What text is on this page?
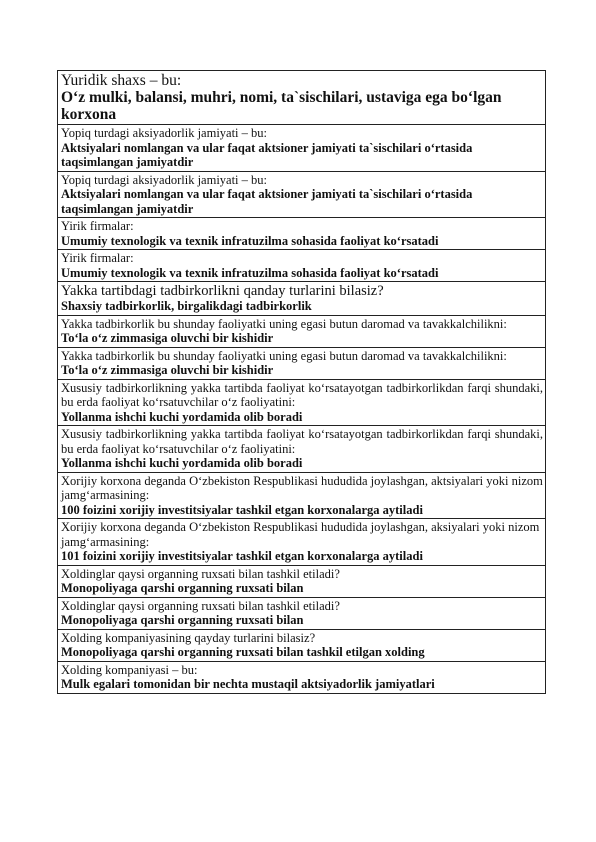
Yuridik shaxs – bu:
O‘z mulki, balansi, muhri, nomi, ta`sischilari, ustaviga ega bo‘lgan korxona

Yopiq turdagi aksiyadorlik jamiyati – bu:
Aktsiyalari nomlangan va ular faqat aktsioner jamiyati ta`sischilari o‘rtasida taqsimlangan jamiyatdir

Yopiq turdagi aksiyadorlik jamiyati – bu:
Aktsiyalari nomlangan va ular faqat aktsioner jamiyati ta`sischilari o‘rtasida taqsimlangan jamiyatdir

Yirik firmalar:
Umumiy texnologik va texnik infratuzilma sohasida faoliyat ko‘rsatadi

Yirik firmalar:
Umumiy texnologik va texnik infratuzilma sohasida faoliyat ko‘rsatadi

Yakka tartibdagi tadbirkorlikni qanday turlarini bilasiz?
Shaxsiy tadbirkorlik, birgalikdagi tadbirkorlik

Yakka tadbirkorlik bu shunday faoliyatki uning egasi butun daromad va tavakkalchilikni:
To‘la o‘z zimmasiga oluvchi bir kishidir

Yakka tadbirkorlik bu shunday faoliyatki uning egasi butun daromad va tavakkalchilikni:
To‘la o‘z zimmasiga oluvchi bir kishidir

Xususiy tadbirkorlikning yakka tartibda faoliyat ko‘rsatayotgan tadbirkorlikdan farqi shundaki, bu erda faoliyat ko‘rsatuvchilar o‘z faoliyatini:
Yollanma ishchi kuchi yordamida olib boradi

Xususiy tadbirkorlikning yakka tartibda faoliyat ko‘rsatayotgan tadbirkorlikdan farqi shundaki, bu erda faoliyat ko‘rsatuvchilar o‘z faoliyatini:
Yollanma ishchi kuchi yordamida olib boradi

Xorijiy korxona deganda O‘zbekiston Respublikasi hududida joylashgan, aktsiyalari yoki nizom jamg‘armasining:
100 foizini xorijiy investitsiyalar tashkil etgan korxonalarga aytiladi

Xorijiy korxona deganda O‘zbekiston Respublikasi hududida joylashgan, aksiyalari yoki nizom jamg‘armasining:
101 foizini xorijiy investitsiyalar tashkil etgan korxonalarga aytiladi

Xoldinglar qaysi organning ruxsati bilan tashkil etiladi?
Monopoliyaga qarshi organning ruxsati bilan

Xoldinglar qaysi organning ruxsati bilan tashkil etiladi?
Monopoliyaga qarshi organning ruxsati bilan

Xolding kompaniyasining qayday turlarini bilasiz?
Monopoliyaga qarshi organning ruxsati bilan tashkil etilgan xolding

Xolding kompaniyasi – bu:
Mulk egalari tomonidan bir nechta mustaqil aktsiyadorlik jamiyatlari
